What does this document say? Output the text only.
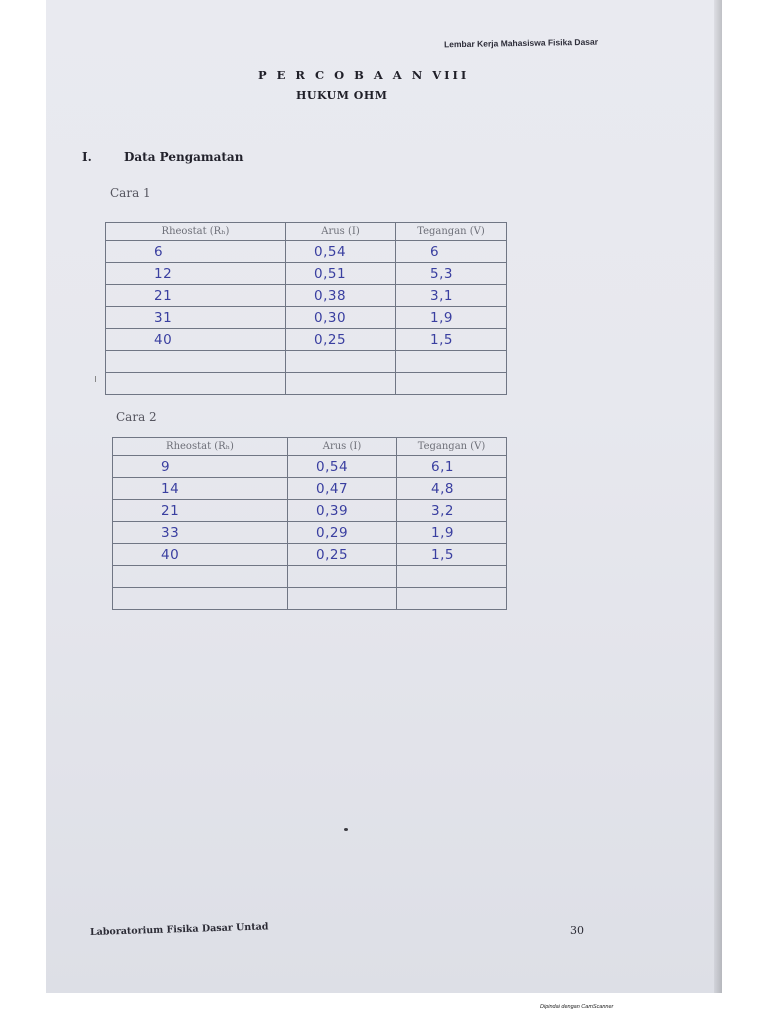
Lembar Kerja Mahasiswa Fisika Dasar
P E R C O B A A N VIII
HUKUM OHM
I.	Data Pengamatan
Cara 1
Rheostat (Rₕ)	Arus (I)	Tegangan (V)
6	0,54	6
12	0,51	5,3
21	0,38	3,1
31	0,30	1,9
40	0,25	1,5

Cara 2
Rheostat (Rₕ)	Arus (I)	Tegangan (V)
9	0,54	6,1
14	0,47	4,8
21	0,39	3,2
33	0,29	1,9
40	0,25	1,5

Laboratorium Fisika Dasar Untad	30
Dipindai dengan CamScanner
